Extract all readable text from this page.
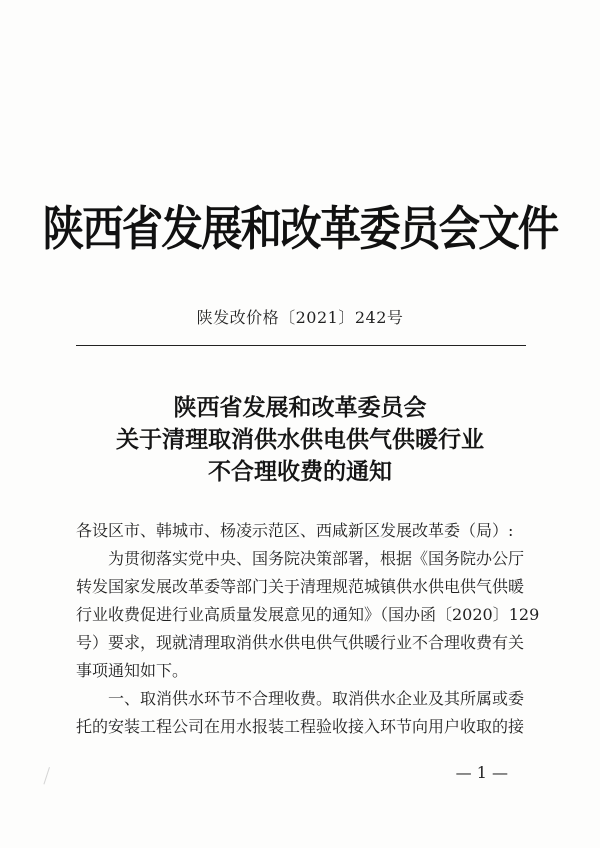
陕西省发展和改革委员会文件
陕发改价格〔2021〕242号
陕西省发展和改革委员会
关于清理取消供水供电供气供暖行业
不合理收费的通知

各设区市、韩城市、杨凌示范区、西咸新区发展改革委（局）:

为贯彻落实党中央、国务院决策部署，根据《国务院办公厅

转发国家发展改革委等部门关于清理规范城镇供水供电供气供暖

行业收费促进行业高质量发展意见的通知》（国办函〔2020〕129

号）要求，现就清理取消供水供电供气供暖行业不合理收费有关

事项通知如下。

一、取消供水环节不合理收费。取消供水企业及其所属或委

托的安装工程公司在用水报装工程验收接入环节向用户收取的接

— 1 —
